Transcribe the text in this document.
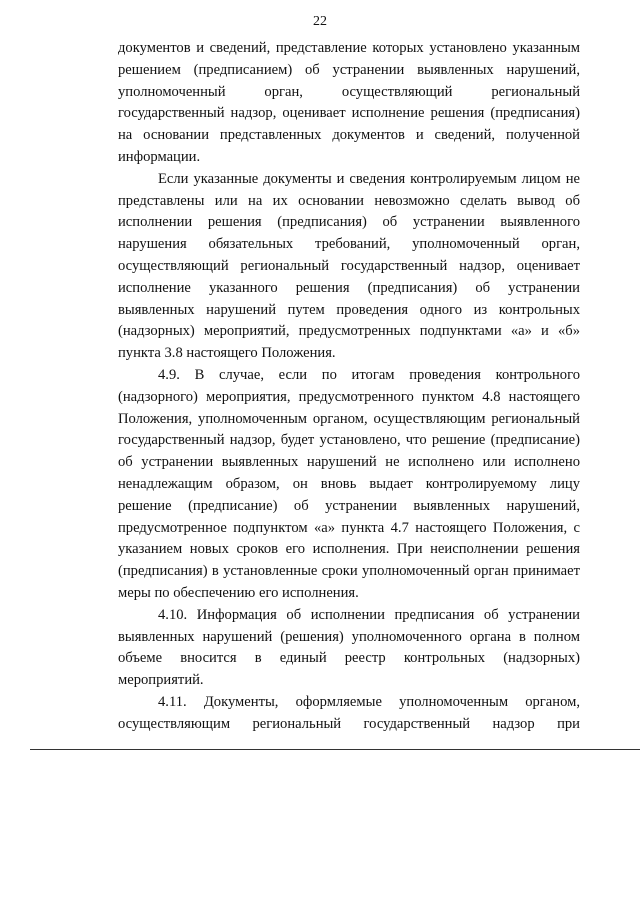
22

документов и сведений, представление которых установлено указанным решением (предписанием) об устранении выявленных нарушений, уполномоченный орган, осуществляющий региональный государственный надзор, оценивает исполнение решения (предписания) на основании представленных документов и сведений, полученной информации.

Если указанные документы и сведения контролируемым лицом не представлены или на их основании невозможно сделать вывод об исполнении решения (предписания) об устранении выявленного нарушения обязательных требований, уполномоченный орган, осуществляющий региональный государственный надзор, оценивает исполнение указанного решения (предписания) об устранении выявленных нарушений путем проведения одного из контрольных (надзорных) мероприятий, предусмотренных подпунктами «а» и «б» пункта 3.8 настоящего Положения.

4.9. В случае, если по итогам проведения контрольного (надзорного) мероприятия, предусмотренного пунктом 4.8 настоящего Положения, уполномоченным органом, осуществляющим региональный государственный надзор, будет установлено, что решение (предписание) об устранении выявленных нарушений не исполнено или исполнено ненадлежащим образом, он вновь выдает контролируемому лицу решение (предписание) об устранении выявленных нарушений, предусмотренное подпунктом «а» пункта 4.7 настоящего Положения, с указанием новых сроков его исполнения. При неисполнении решения (предписания) в установленные сроки уполномоченный орган принимает меры по обеспечению его исполнения.

4.10. Информация об исполнении предписания об устранении выявленных нарушений (решения) уполномоченного органа в полном объеме вносится в единый реестр контрольных (надзорных) мероприятий.

4.11. Документы, оформляемые уполномоченным органом, осуществляющим региональный государственный надзор при
